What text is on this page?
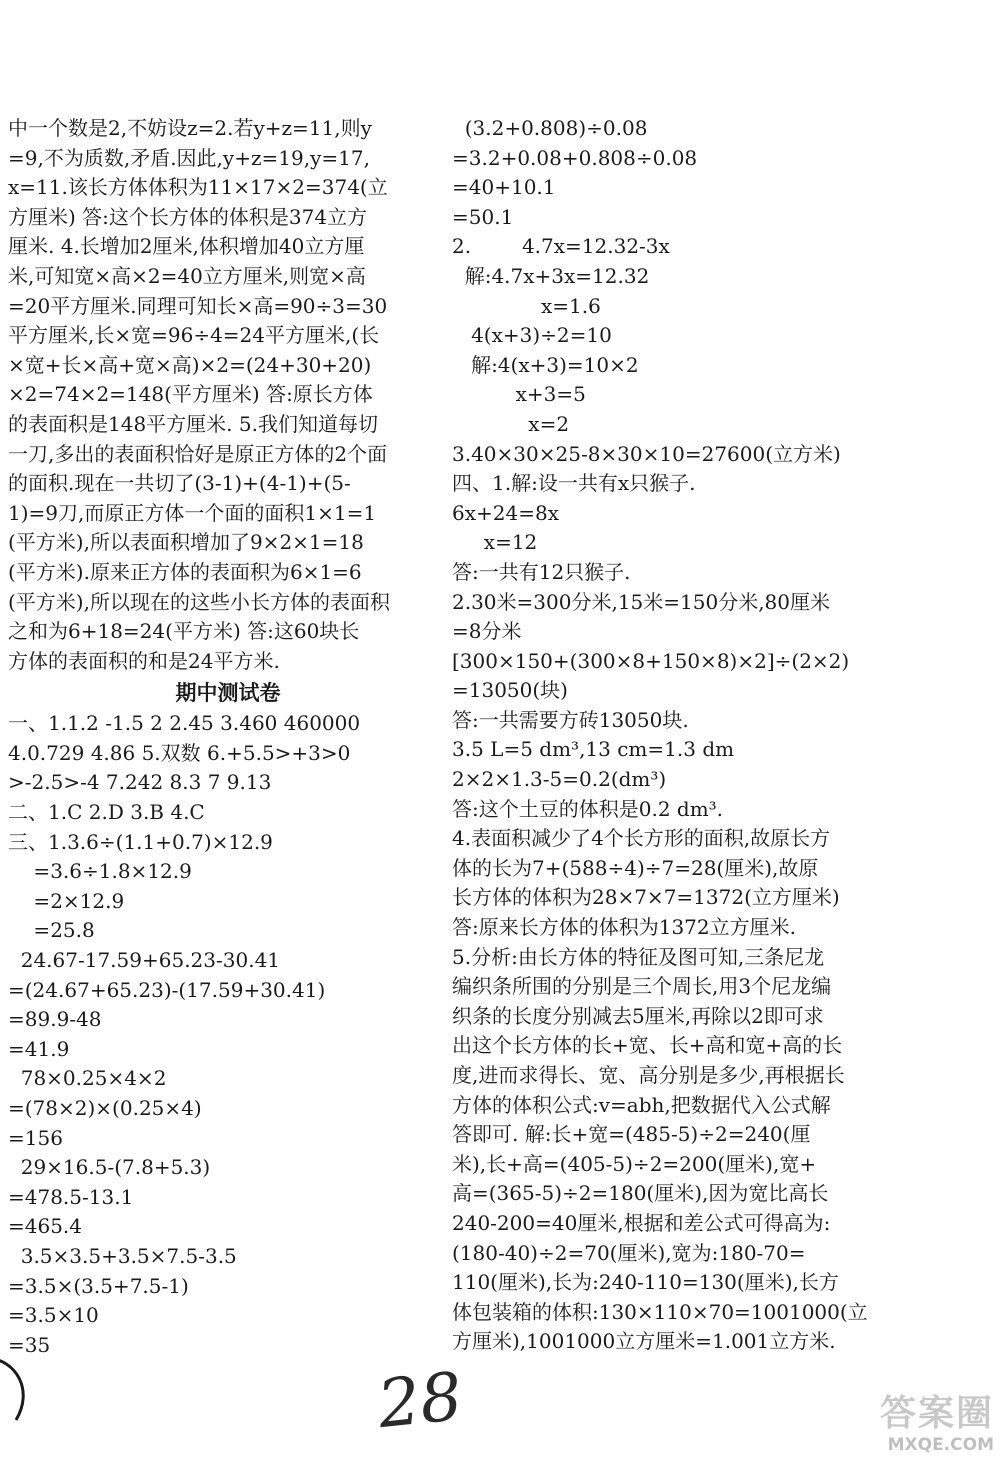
中一个数是2,不妨设z=2.若y+z=11,则y
=9,不为质数,矛盾.因此,y+z=19,y=17,
x=11.该长方体体积为11×17×2=374(立
方厘米) 答:这个长方体的体积是374立方
厘米. 4.长增加2厘米,体积增加40立方厘
米,可知宽×高×2=40立方厘米,则宽×高
=20平方厘米.同理可知长×高=90÷3=30
平方厘米,长×宽=96÷4=24平方厘米,(长
×宽+长×高+宽×高)×2=(24+30+20)
×2=74×2=148(平方厘米) 答:原长方体
的表面积是148平方厘米. 5.我们知道每切
一刀,多出的表面积恰好是原正方体的2个面
的面积.现在一共切了(3-1)+(4-1)+(5-
1)=9刀,而原正方体一个面的面积1×1=1
(平方米),所以表面积增加了9×2×1=18
(平方米).原来正方体的表面积为6×1=6
(平方米),所以现在的这些小长方体的表面积
之和为6+18=24(平方米) 答:这60块长
方体的表面积的和是24平方米.
期中测试卷
一、1.1.2 -1.5 2 2.45 3.460 460000
4.0.729 4.86 5.双数 6.+5.5>+3>0
>-2.5>-4 7.242 8.3 7 9.13
二、1.C 2.D 3.B 4.C
三、1.3.6÷(1.1+0.7)×12.9
=3.6÷1.8×12.9
=2×12.9
=25.8
24.67-17.59+65.23-30.41
=(24.67+65.23)-(17.59+30.41)
=89.9-48
=41.9
78×0.25×4×2
=(78×2)×(0.25×4)
=156
29×16.5-(7.8+5.3)
=478.5-13.1
=465.4
3.5×3.5+3.5×7.5-3.5
=3.5×(3.5+7.5-1)
=3.5×10
=35
(3.2+0.808)÷0.08
=3.2+0.08+0.808÷0.08
=40+10.1
=50.1
2.        4.7x=12.32-3x
解:4.7x+3x=12.32
x=1.6
4(x+3)÷2=10
解:4(x+3)=10×2
x+3=5
x=2
3.40×30×25-8×30×10=27600(立方米)
四、1.解:设一共有x只猴子.
6x+24=8x
x=12
答:一共有12只猴子.
2.30米=300分米,15米=150分米,80厘米
=8分米
[300×150+(300×8+150×8)×2]÷(2×2)
=13050(块)
答:一共需要方砖13050块.
3.5 L=5 dm³,13 cm=1.3 dm
2×2×1.3-5=0.2(dm³)
答:这个土豆的体积是0.2 dm³.
4.表面积减少了4个长方形的面积,故原长方
体的长为7+(588÷4)÷7=28(厘米),故原
长方体的体积为28×7×7=1372(立方厘米)
答:原来长方体的体积为1372立方厘米.
5.分析:由长方体的特征及图可知,三条尼龙
编织条所围的分别是三个周长,用3个尼龙编
织条的长度分别减去5厘米,再除以2即可求
出这个长方体的长+宽、长+高和宽+高的长
度,进而求得长、宽、高分别是多少,再根据长
方体的体积公式:v=abh,把数据代入公式解
答即可. 解:长+宽=(485-5)÷2=240(厘
米),长+高=(405-5)÷2=200(厘米),宽+
高=(365-5)÷2=180(厘米),因为宽比高长
240-200=40厘米,根据和差公式可得高为:
(180-40)÷2=70(厘米),宽为:180-70=
110(厘米),长为:240-110=130(厘米),长方
体包装箱的体积:130×110×70=1001000(立
方厘米),1001000立方厘米=1.001立方米.
28	答案圈
MXQE.COM
